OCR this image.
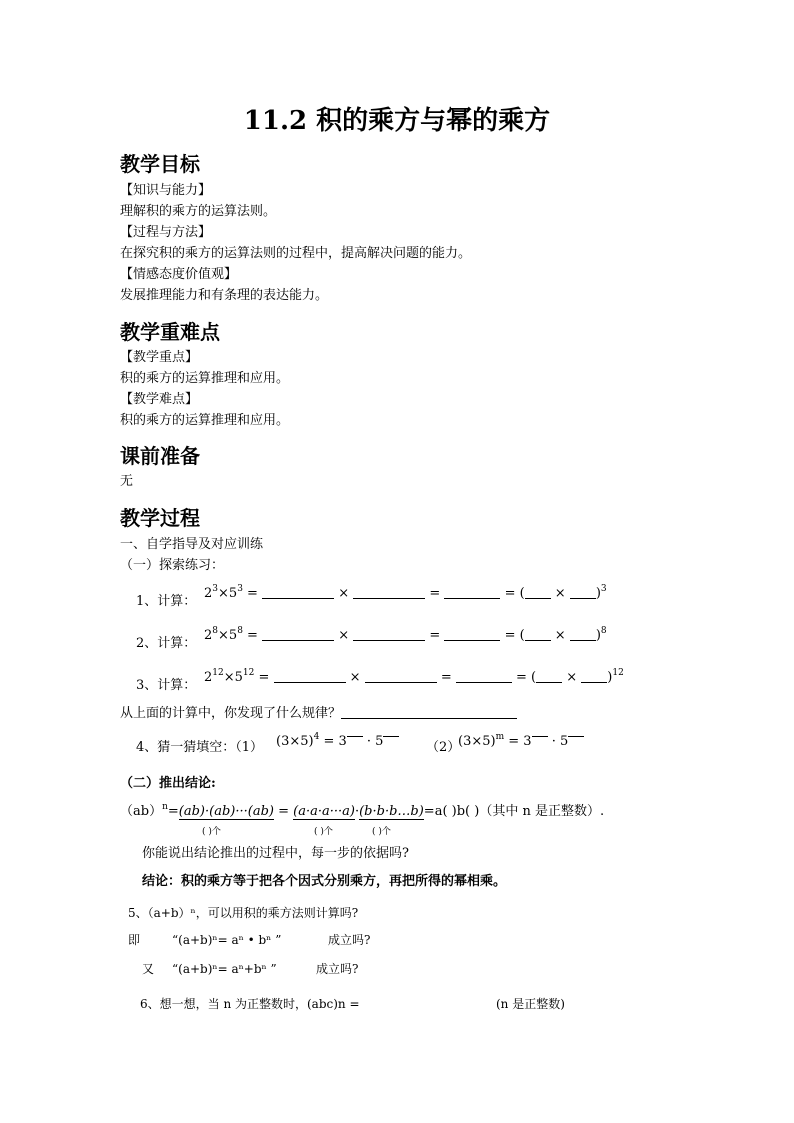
11.2 积的乘方与幂的乘方
教学目标
【知识与能力】
理解积的乘方的运算法则。
【过程与方法】
在探究积的乘方的运算法则的过程中，提高解决问题的能力。
【情感态度价值观】
发展推理能力和有条理的表达能力。
教学重难点
【教学重点】
积的乘方的运算推理和应用。
【教学难点】
积的乘方的运算推理和应用。
课前准备
无
教学过程
一、自学指导及对应训练
（一）探索练习：
1、计算：
$2^3\times 5^3$ =	×	=	= ( × )$^3$
2、计算：
$2^8\times 5^8$ =	×	=	= ( × )$^8$
3、计算：
$2^{12}\times 5^{12}$ =	×	=	= ( × )$^{12}$
从上面的计算中，你发现了什么规律？
4、猜一猜填空：（1） $(3\times 5)^4 = 3 \cdot 5$	（2）
$(3\times 5)^m = 3 \cdot 5$
（二）推出结论:
（ab）$^n$=(ab)·(ab)···(ab) = (a·a·a···a)·(b·b·b…b)=a( )b( )（其中 n 是正整数）.
( )个	( )个	( )个
你能说出结论推出的过程中，每一步的依据吗?
结论：积的乘方等于把各个因式分别乘方，再把所得的幂相乘。
5、（a+b）ⁿ，可以用积的乘方法则计算吗?
即	“(a+b)ⁿ= aⁿ • bⁿ ”	成立吗?
又 “(a+b)ⁿ= aⁿ+bⁿ ”	成立吗?
6、想一想，当 n 为正整数时，(abc)n =	(n 是正整数)
